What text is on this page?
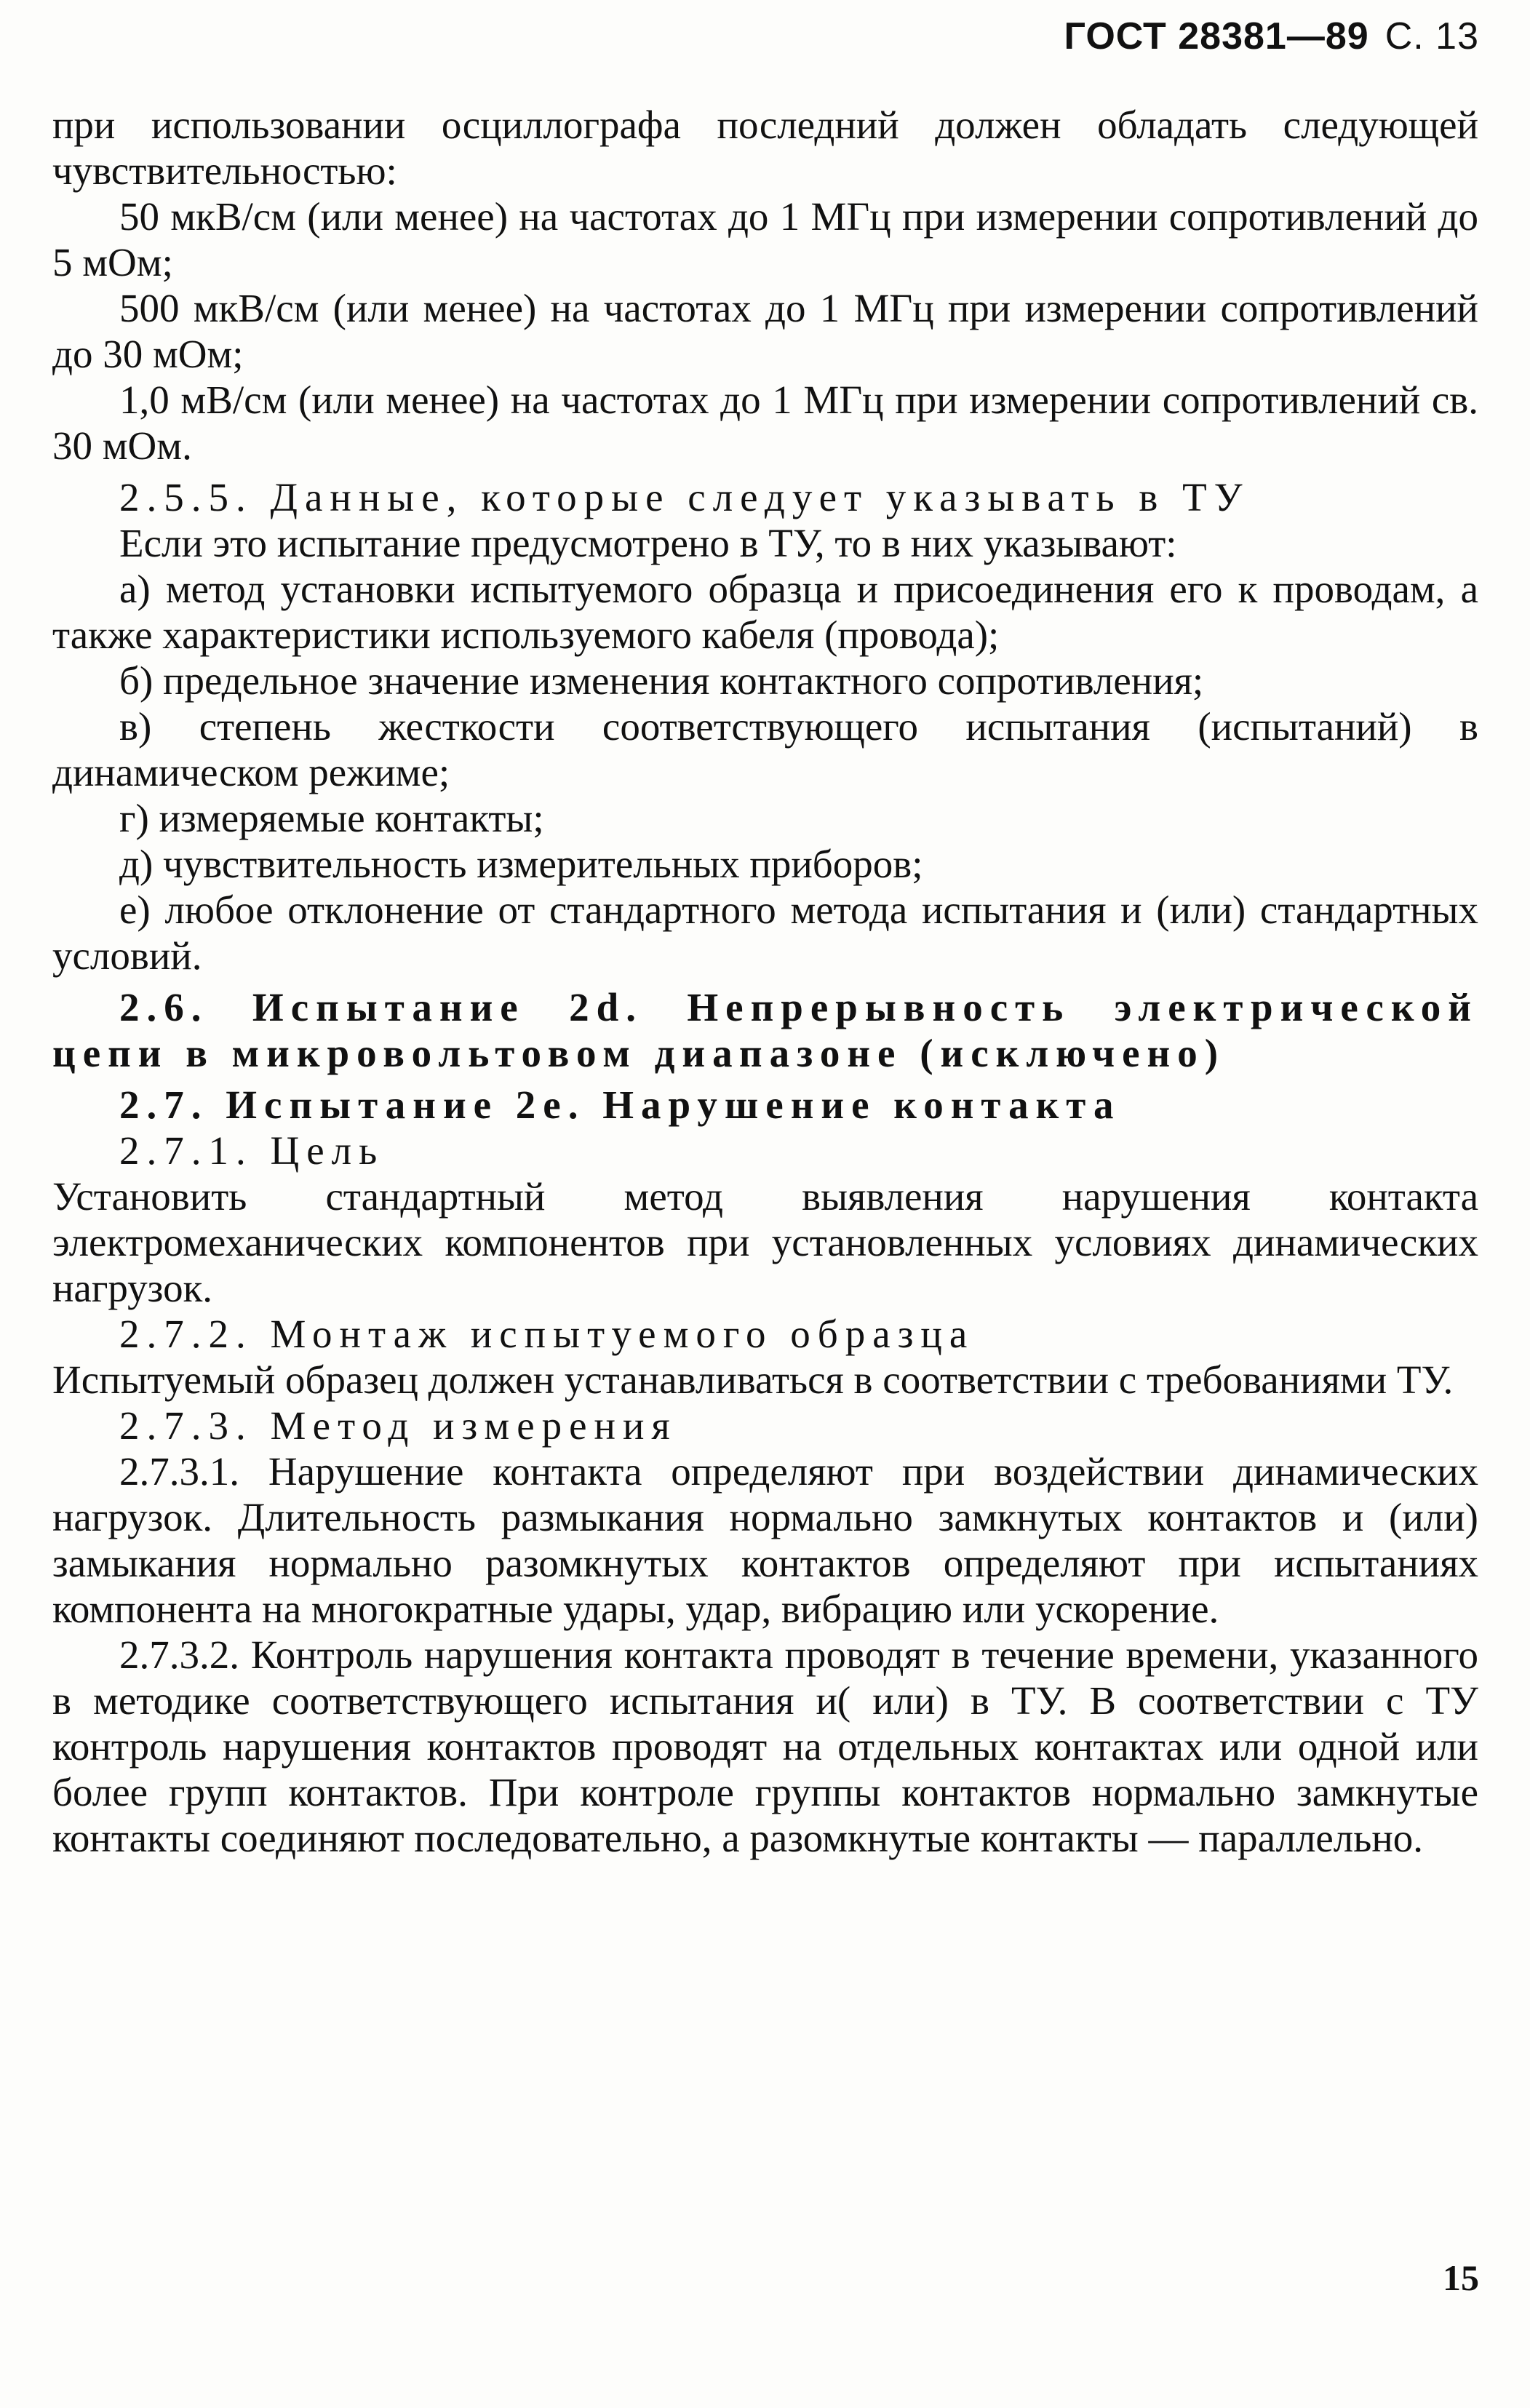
ГОСТ 28381—89 С. 13

при использовании осциллографа последний должен обладать следующей чувствительностью:

50 мкВ/см (или менее) на частотах до 1 МГц при измерении сопротивлений до 5 мОм;

500 мкВ/см (или менее) на частотах до 1 МГц при измерении сопротивлений до 30 мОм;

1,0 мВ/см (или менее) на частотах до 1 МГц при измерении сопротивлений св. 30 мОм.

2.5.5. Данные, которые следует указывать в ТУ

Если это испытание предусмотрено в ТУ, то в них указывают:

а) метод установки испытуемого образца и присоединения его к проводам, а также характеристики используемого кабеля (провода);

б) предельное значение изменения контактного сопротивления;

в) степень жесткости соответствующего испытания (испытаний) в динамическом режиме;

г) измеряемые контакты;

д) чувствительность измерительных приборов;

е) любое отклонение от стандартного метода испытания и (или) стандартных условий.

2.6. Испытание 2d. Непрерывность электрической цепи в микровольтовом диапазоне (исключено)

2.7. Испытание 2е. Нарушение контакта

2.7.1. Цель

Установить стандартный метод выявления нарушения контакта электромеханических компонентов при установленных условиях динамических нагрузок.

2.7.2. Монтаж испытуемого образца

Испытуемый образец должен устанавливаться в соответствии с требованиями ТУ.

2.7.3. Метод измерения

2.7.3.1. Нарушение контакта определяют при воздействии динамических нагрузок. Длительность размыкания нормально замкнутых контактов и (или) замыкания нормально разомкнутых контактов определяют при испытаниях компонента на многократные удары, удар, вибрацию или ускорение.

2.7.3.2. Контроль нарушения контакта проводят в течение времени, указанного в методике соответствующего испытания и( или) в ТУ. В соответствии с ТУ контроль нарушения контактов проводят на отдельных контактах или одной или более групп контактов. При контроле группы контактов нормально замкнутые контакты соединяют последовательно, а разомкнутые контакты — параллельно.

15
